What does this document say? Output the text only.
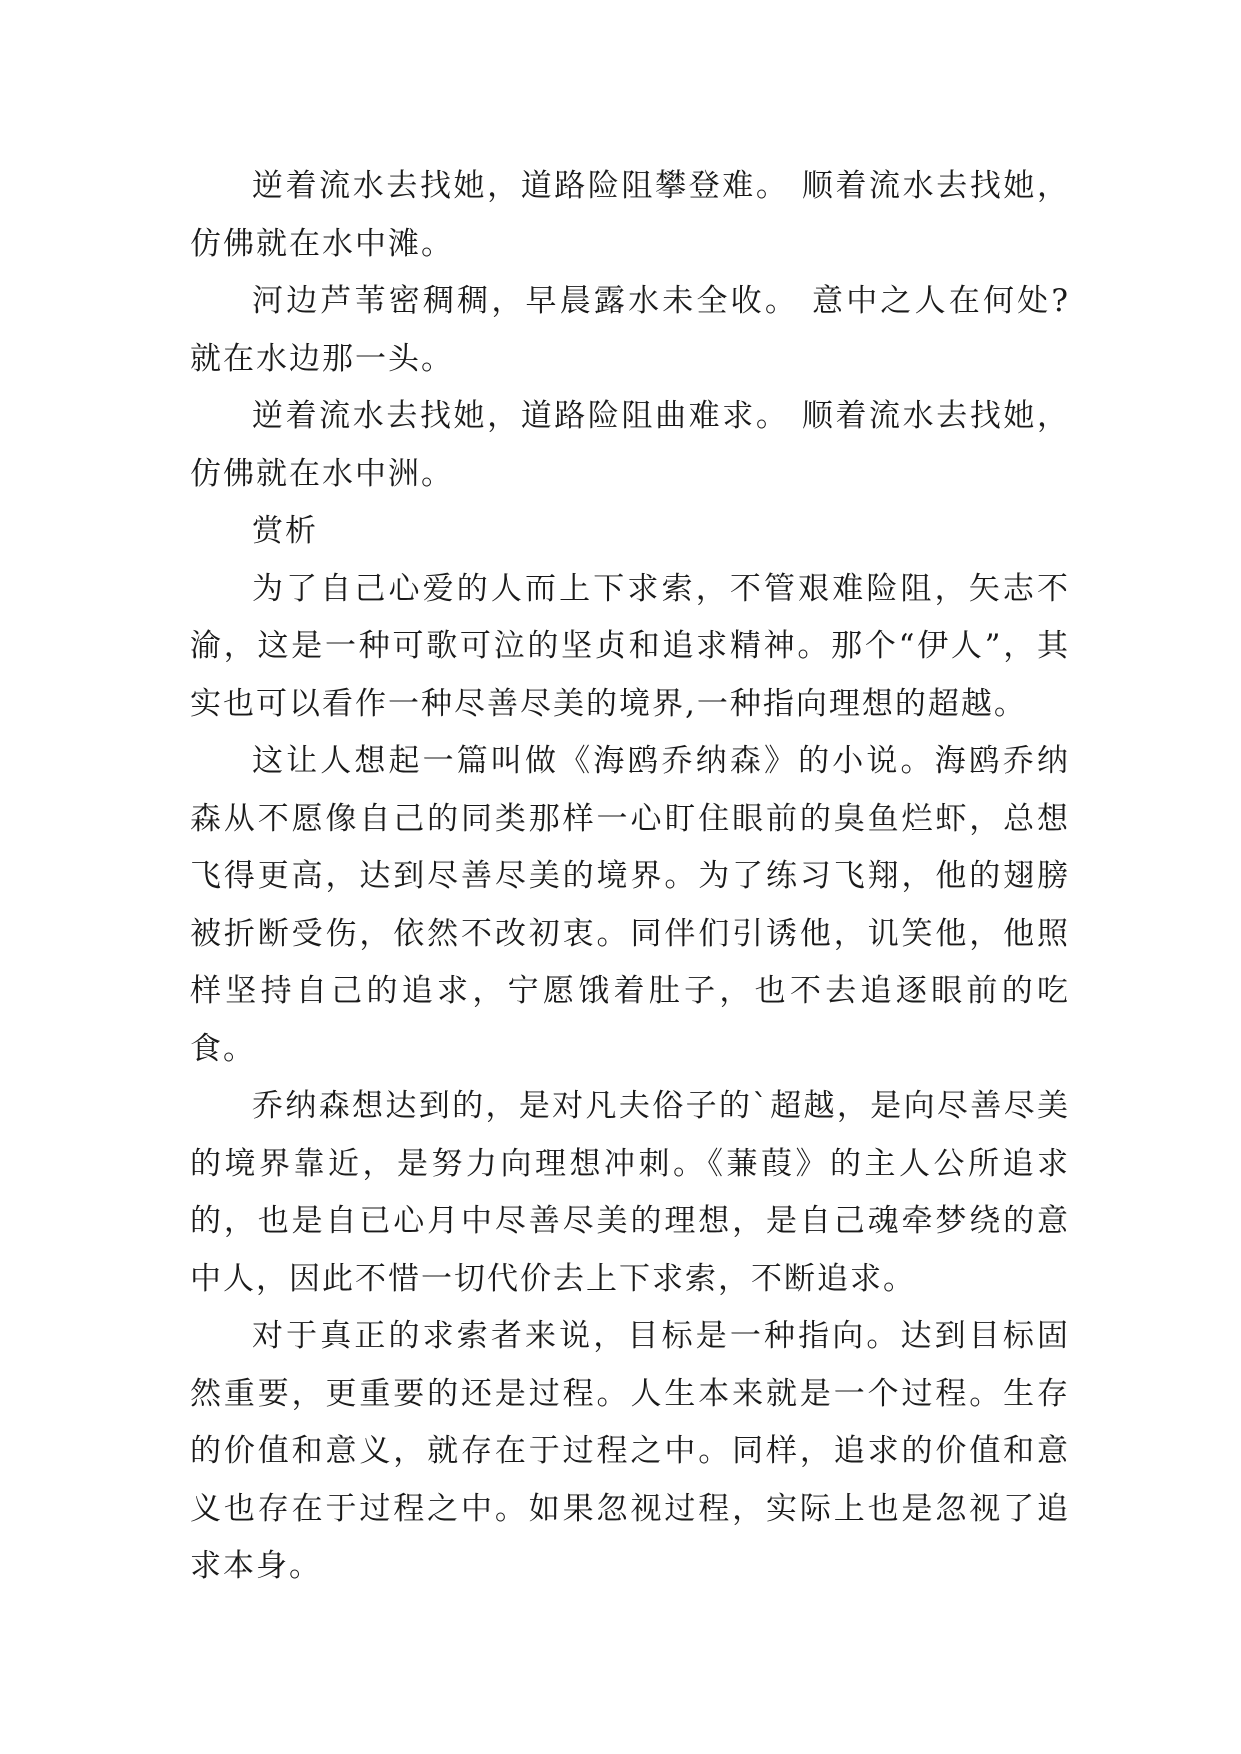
逆着流水去找她，道路险阻攀登难。 顺着流水去找她，仿佛就在水中滩。

河边芦苇密稠稠，早晨露水未全收。 意中之人在何处?就在水边那一头。

逆着流水去找她，道路险阻曲难求。 顺着流水去找她，仿佛就在水中洲。

赏析

为了自己心爱的人而上下求索，不管艰难险阻，矢志不渝，这是一种可歌可泣的坚贞和追求精神。那个“伊人”，其实也可以看作一种尽善尽美的境界,一种指向理想的超越。

这让人想起一篇叫做《海鸥乔纳森》的小说。海鸥乔纳森从不愿像自己的同类那样一心盯住眼前的臭鱼烂虾，总想飞得更高，达到尽善尽美的境界。为了练习飞翔，他的翅膀被折断受伤，依然不改初衷。同伴们引诱他，讥笑他，他照样坚持自己的追求，宁愿饿着肚子，也不去追逐眼前的吃食。

乔纳森想达到的，是对凡夫俗子的`超越，是向尽善尽美的境界靠近，是努力向理想冲刺。《蒹葭》的主人公所追求的，也是自已心月中尽善尽美的理想，是自己魂牵梦绕的意中人，因此不惜一切代价去上下求索，不断追求。

对于真正的求索者来说，目标是一种指向。达到目标固然重要，更重要的还是过程。人生本来就是一个过程。生存的价值和意义，就存在于过程之中。同样，追求的价值和意义也存在于过程之中。如果忽视过程，实际上也是忽视了追求本身。
